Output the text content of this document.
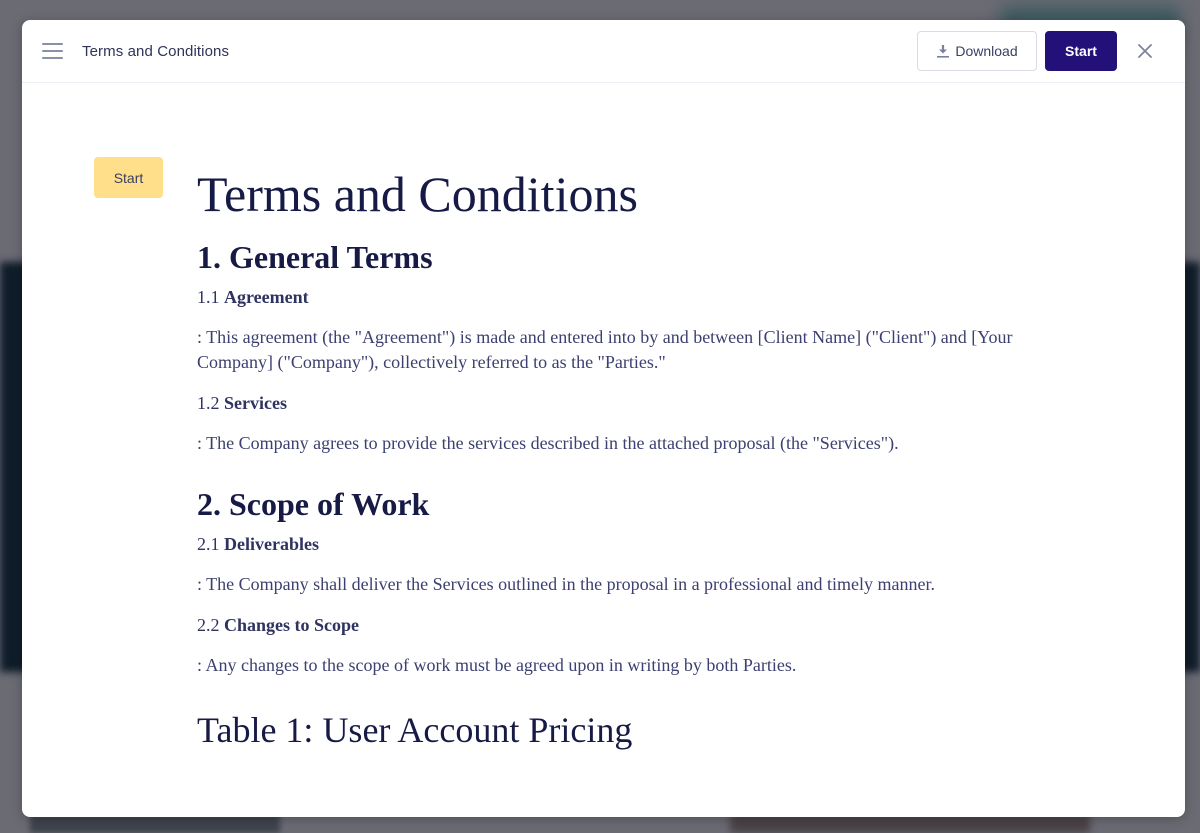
Terms and Conditions	Download	Start
Start	Terms and Conditions
1. General Terms
1.1 Agreement

: This agreement (the "Agreement") is made and entered into by and between [Client Name] ("Client") and [Your Company] ("Company"), collectively referred to as the "Parties."

1.2 Services

: The Company agrees to provide the services described in the attached proposal (the "Services").

2. Scope of Work
2.1 Deliverables

: The Company shall deliver the Services outlined in the proposal in a professional and timely manner.

2.2 Changes to Scope

: Any changes to the scope of work must be agreed upon in writing by both Parties.

Table 1: User Account Pricing
